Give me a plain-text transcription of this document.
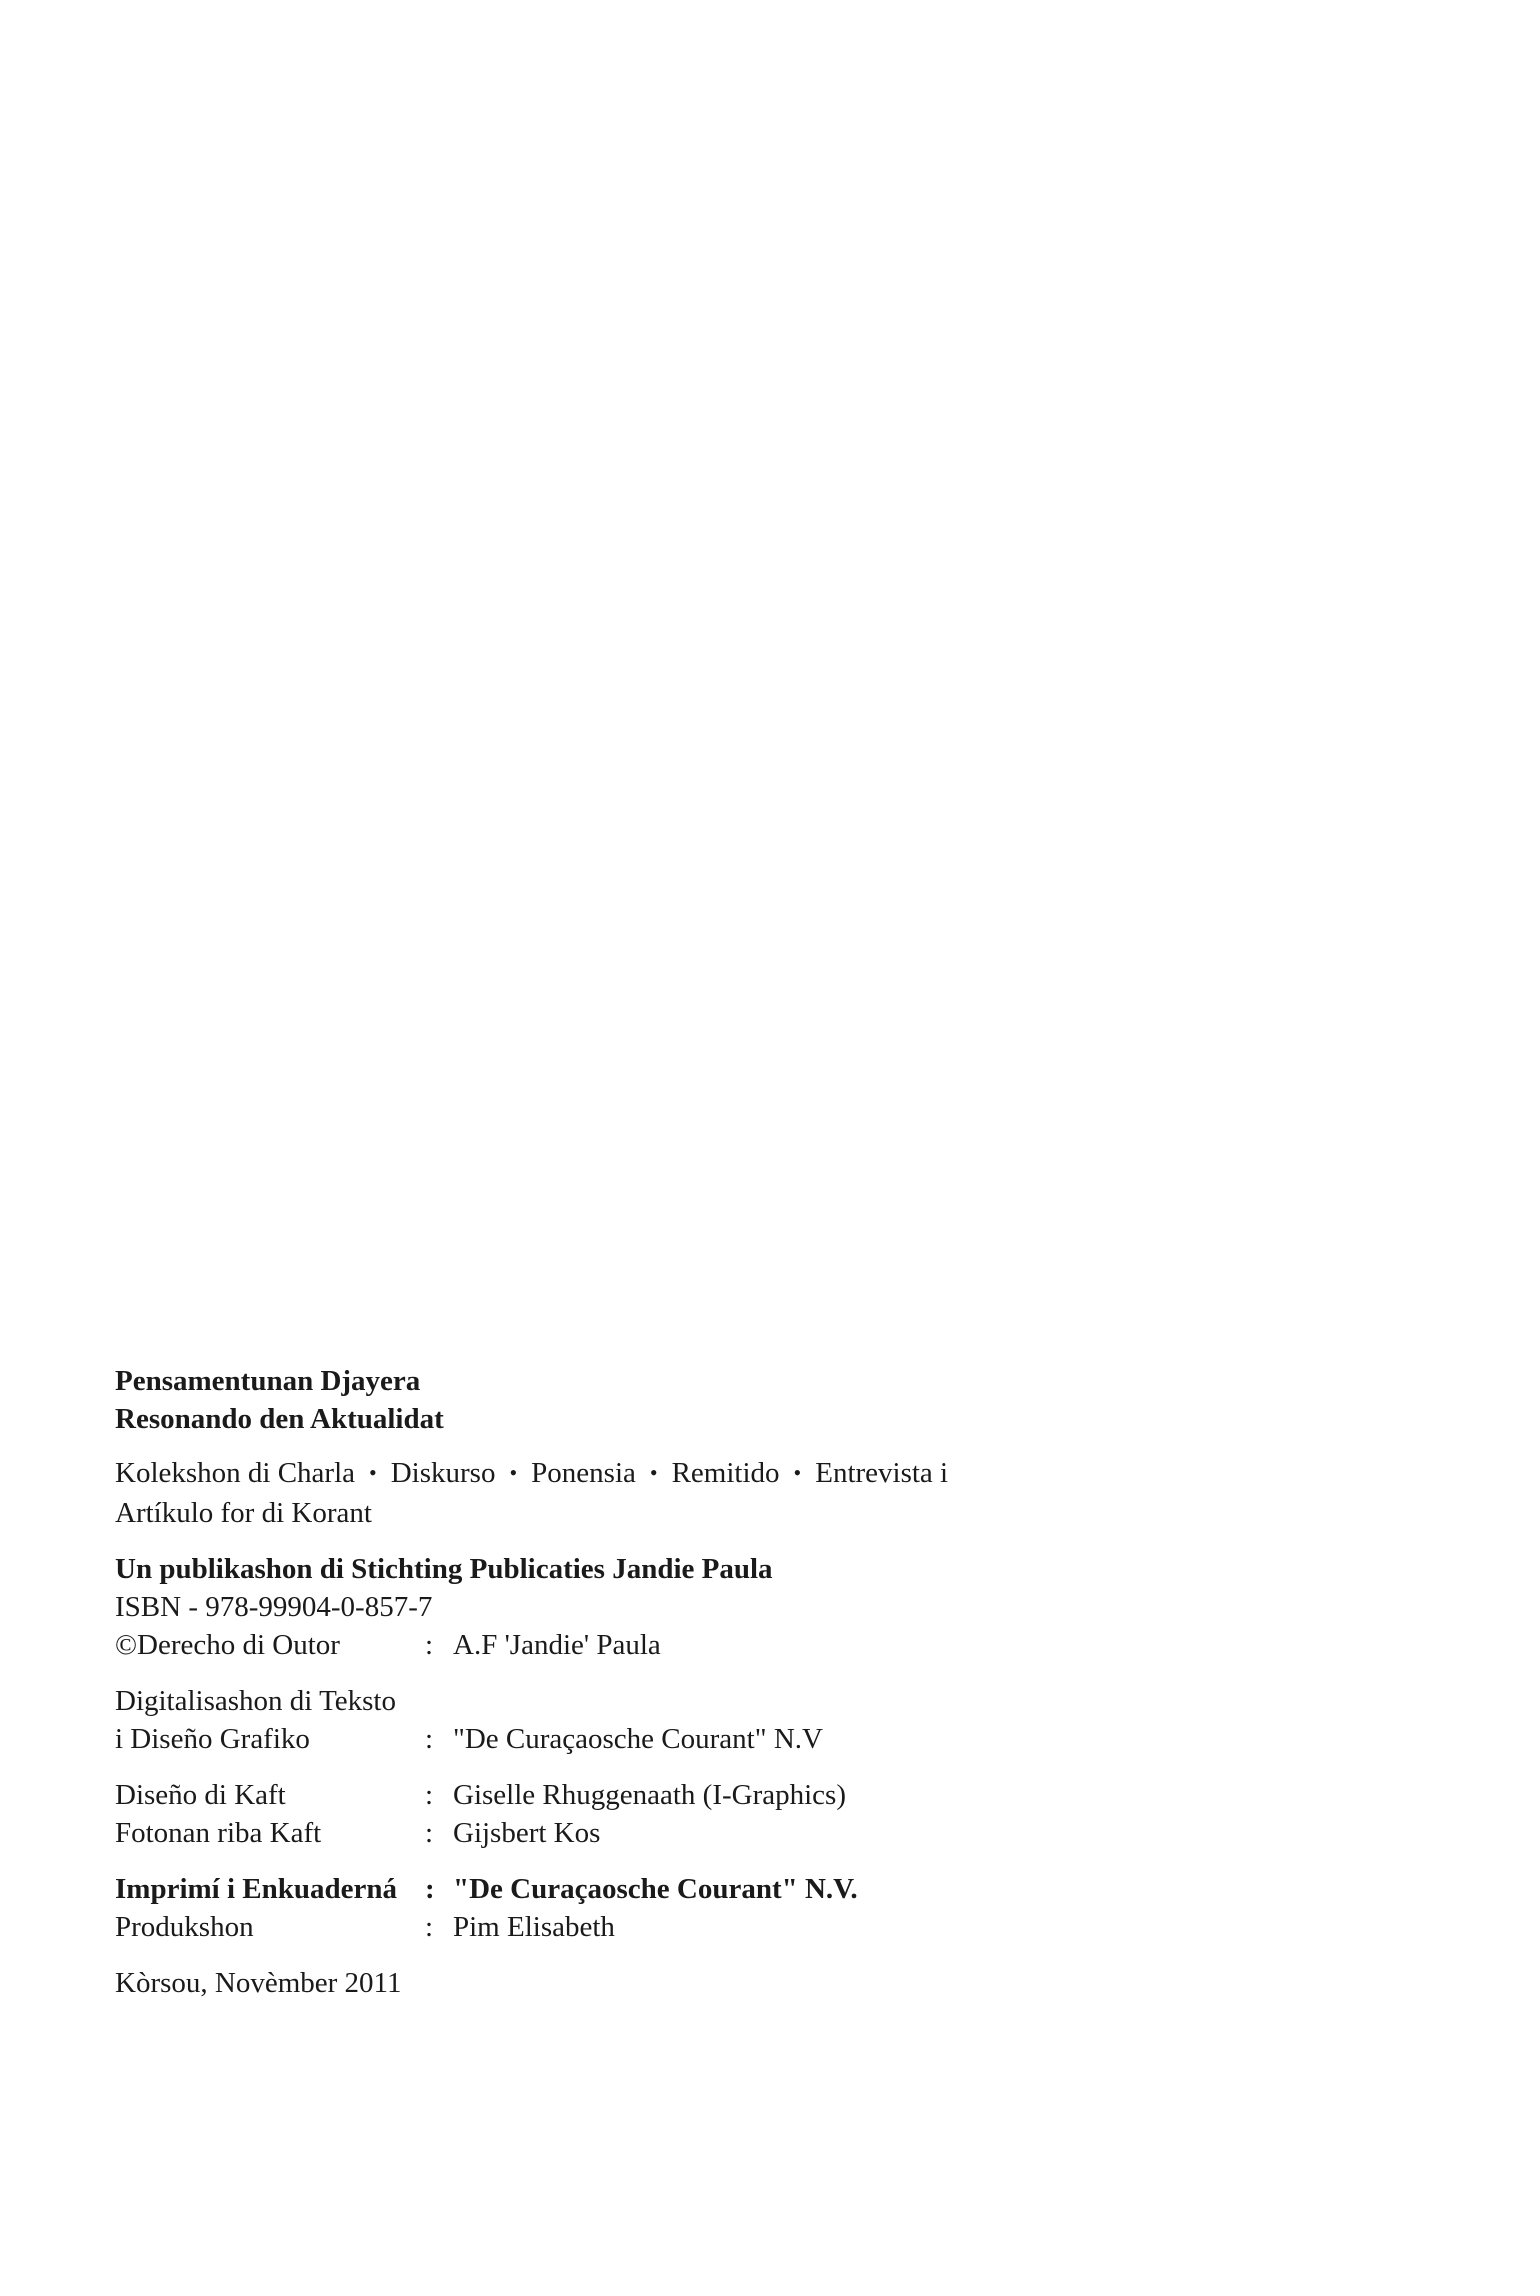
Pensamentunan Djayera
Resonando den Aktualidat
Kolekshon di Charla • Diskurso • Ponensia • Remitido • Entrevista i
Artíkulo for di Korant
Un publikashon di Stichting Publicaties Jandie Paula
ISBN - 978-99904-0-857-7
©Derecho di Outor	: A.F 'Jandie' Paula
Digitalisashon di Teksto
i Diseño Grafiko	: "De Curaçaosche Courant" N.V
Diseño di Kaft	: Giselle Rhuggenaath (I-Graphics)
Fotonan riba Kaft	: Gijsbert Kos
Imprimí i Enkuaderná : "De Curaçaosche Courant" N.V.
Produkshon	: Pim Elisabeth
Kòrsou, Novèmber 2011
